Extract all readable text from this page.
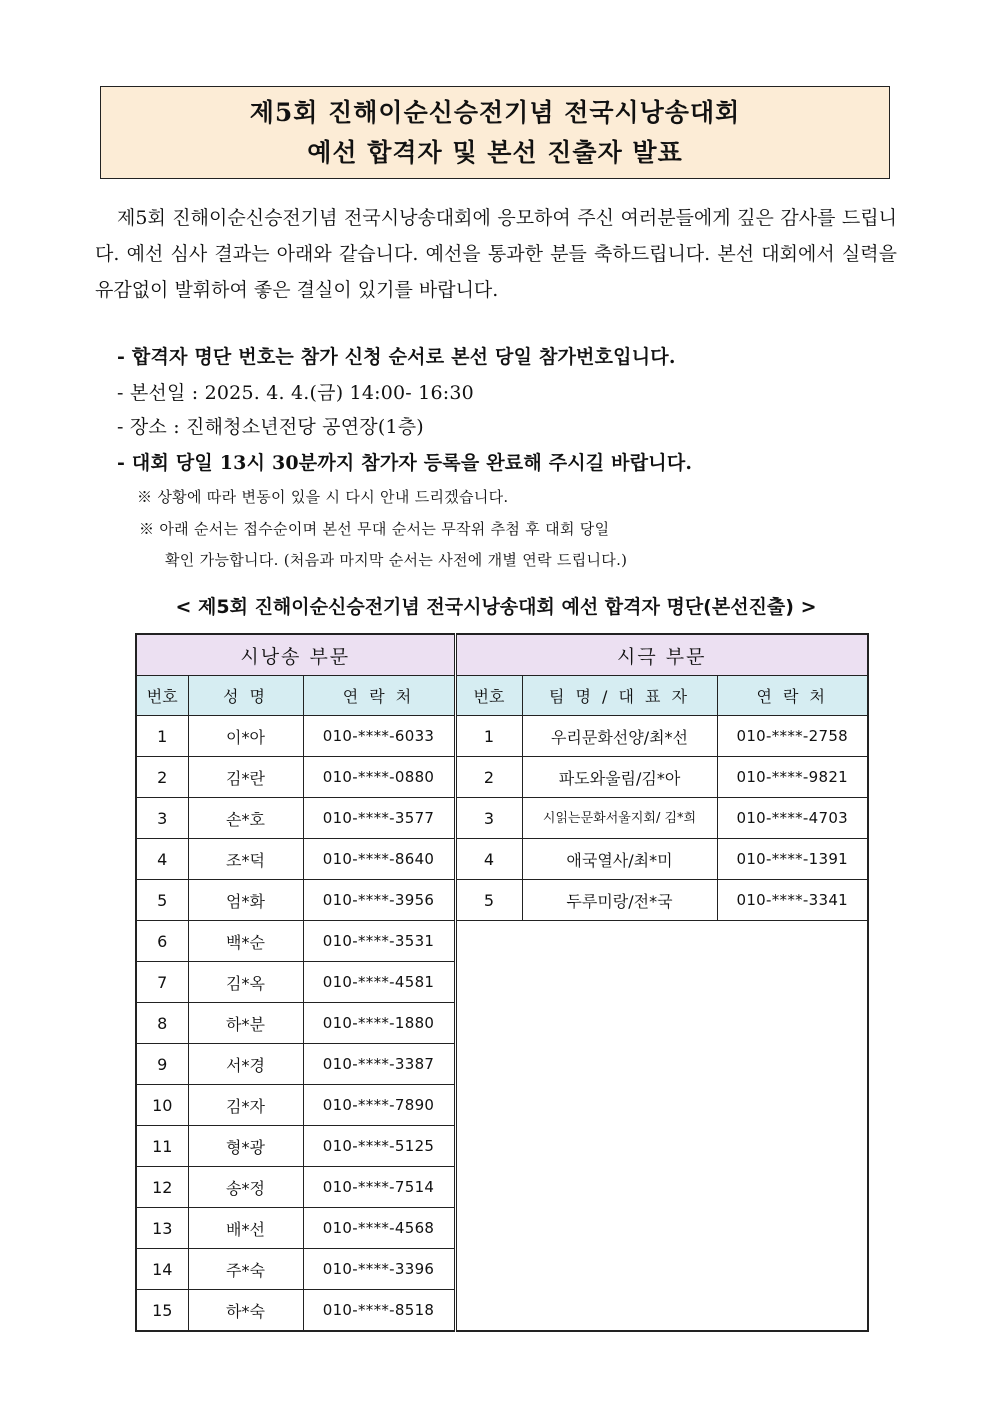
제5회 진해이순신승전기념 전국시낭송대회
예선 합격자 및 본선 진출자 발표

제5회 진해이순신승전기념 전국시낭송대회에 응모하여 주신 여러분들에게 깊은 감사를 드립니다. 예선 심사 결과는 아래와 같습니다. 예선을 통과한 분들 축하드립니다. 본선 대회에서 실력을 유감없이 발휘하여 좋은 결실이 있기를 바랍니다.

- 합격자 명단 번호는 참가 신청 순서로 본선 당일 참가번호입니다.
- 본선일 : 2025. 4. 4.(금) 14:00- 16:30
- 장소 : 진해청소년전당 공연장(1층)
- 대회 당일 13시 30분까지 참가자 등록을 완료해 주시길 바랍니다.
※ 상황에 따라 변동이 있을 시 다시 안내 드리겠습니다.
※ 아래 순서는 접수순이며 본선 무대 순서는 무작위 추첨 후 대회 당일
확인 가능합니다. (처음과 마지막 순서는 사전에 개별 연락 드립니다.)
< 제5회 진해이순신승전기념 전국시낭송대회 예선 합격자 명단(본선진출) >
시낭송 부문			시극 부문		
번호	성 명	연 락 처	번호	팀 명 / 대 표 자	연 락 처
1	이*아	010-****-6033	1	우리문화선양/최*선	010-****-2758
2	김*란	010-****-0880	2	파도와울림/김*아	010-****-9821
3	손*호	010-****-3577	3	시읽는문화서울지회/ 김*희	010-****-4703
4	조*덕	010-****-8640	4	애국열사/최*미	010-****-1391
5	엄*화	010-****-3956	5	두루미랑/전*국	010-****-3341
6	백*순	010-****-3531			
7	김*옥	010-****-4581			
8	하*분	010-****-1880			
9	서*경	010-****-3387			
10	김*자	010-****-7890			
11	형*광	010-****-5125			
12	송*정	010-****-7514			
13	배*선	010-****-4568			
14	주*숙	010-****-3396			
15	하*숙	010-****-8518			
